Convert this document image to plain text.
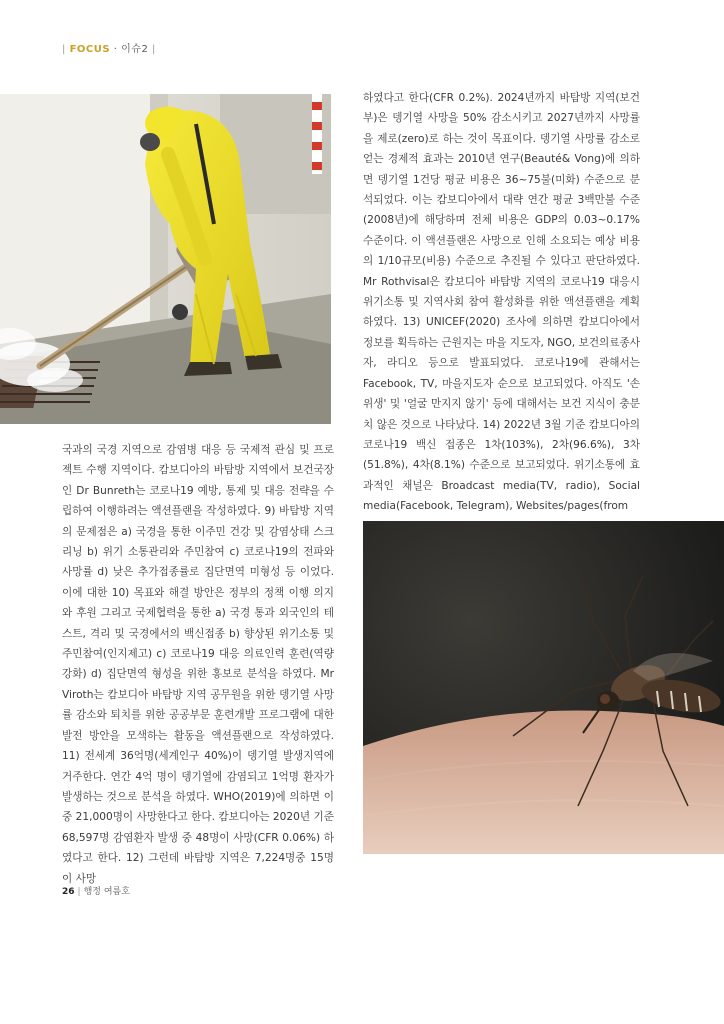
| FOCUS · 이슈2 |

국과의 국경 지역으로 감염병 대응 등 국제적 관심 및 프로젝트 수행 지역이다. 캄보디아의 바탐방 지역에서 보건국장인 Dr Bunreth는 코로나19 예방, 통제 및 대응 전략을 수립하여 이행하려는 액션플랜을 작성하였다. 9) 바탐방 지역의 문제점은 a) 국경을 통한 이주민 건강 및 감염상태 스크리닝 b) 위기 소통관리와 주민참여 c) 코로나19의 전파와 사망률 d) 낮은 추가접종률로 집단면역 미형성 등 이었다. 이에 대한 10) 목표와 해결 방안은 정부의 정책 이행 의지와 후원 그리고 국제협력을 통한 a) 국경 통과 외국인의 테스트, 격리 및 국경에서의 백신접종 b) 향상된 위기소통 및 주민참여(인지제고) c) 코로나19 대응 의료인력 훈련(역량강화) d) 집단면역 형성을 위한 홍보로 분석을 하였다. Mr Viroth는 캄보디아 바탐방 지역 공무원을 위한 뎅기열 사망률 감소와 퇴치를 위한 공공부문 훈련개발 프로그램에 대한 발전 방안을 모색하는 활동을 액션플랜으로 작성하였다. 11) 전세계 36억명(세계인구 40%)이 뎅기열 발생지역에 거주한다. 연간 4억 명이 뎅기열에 감염되고 1억명 환자가 발생하는 것으로 분석을 하였다. WHO(2019)에 의하면 이 중 21,000명이 사망한다고 한다. 캄보디아는 2020년 기준 68,597명 감염환자 발생 중 48명이 사망(CFR 0.06%) 하였다고 한다. 12) 그런데 바탐방 지역은 7,224명중 15명이 사망

하였다고 한다(CFR 0.2%). 2024년까지 바탐방 지역(보건부)은 뎅기열 사망을 50% 감소시키고 2027년까지 사망률을 제로(zero)로 하는 것이 목표이다. 뎅기열 사망률 감소로 얻는 경제적 효과는 2010년 연구(Beauté& Vong)에 의하면 뎅기열 1건당 평균 비용은 36~75불(미화) 수준으로 분석되었다. 이는 캄보디아에서 대략 연간 평균 3백만불 수준(2008년)에 해당하며 전체 비용은 GDP의 0.03~0.17% 수준이다. 이 액션플랜은 사망으로 인해 소요되는 예상 비용의 1/10규모(비용) 수준으로 추진될 수 있다고 판단하였다. Mr Rothvisal은 캄보디아 바탐방 지역의 코로나19 대응시 위기소통 및 지역사회 참여 활성화를 위한 액션플랜을 계획하였다. 13) UNICEF(2020) 조사에 의하면 캄보디아에서 정보를 획득하는 근원지는 마을 지도자, NGO, 보건의료종사자, 라디오 등으로 발표되었다. 코로나19에 관해서는 Facebook, TV, 마을지도자 순으로 보고되었다. 아직도 '손 위생' 및 '얼굴 만지지 않기' 등에 대해서는 보건 지식이 충분치 않은 것으로 나타났다. 14) 2022년 3월 기준 캄보디아의 코로나19 백신 접종은 1차(103%), 2차(96.6%), 3차(51.8%), 4차(8.1%) 수준으로 보고되었다. 위기소통에 효과적인 채널은 Broadcast media(TV, radio), Social media(Facebook, Telegram), Websites/pages(from

26 | 행정 여름호
